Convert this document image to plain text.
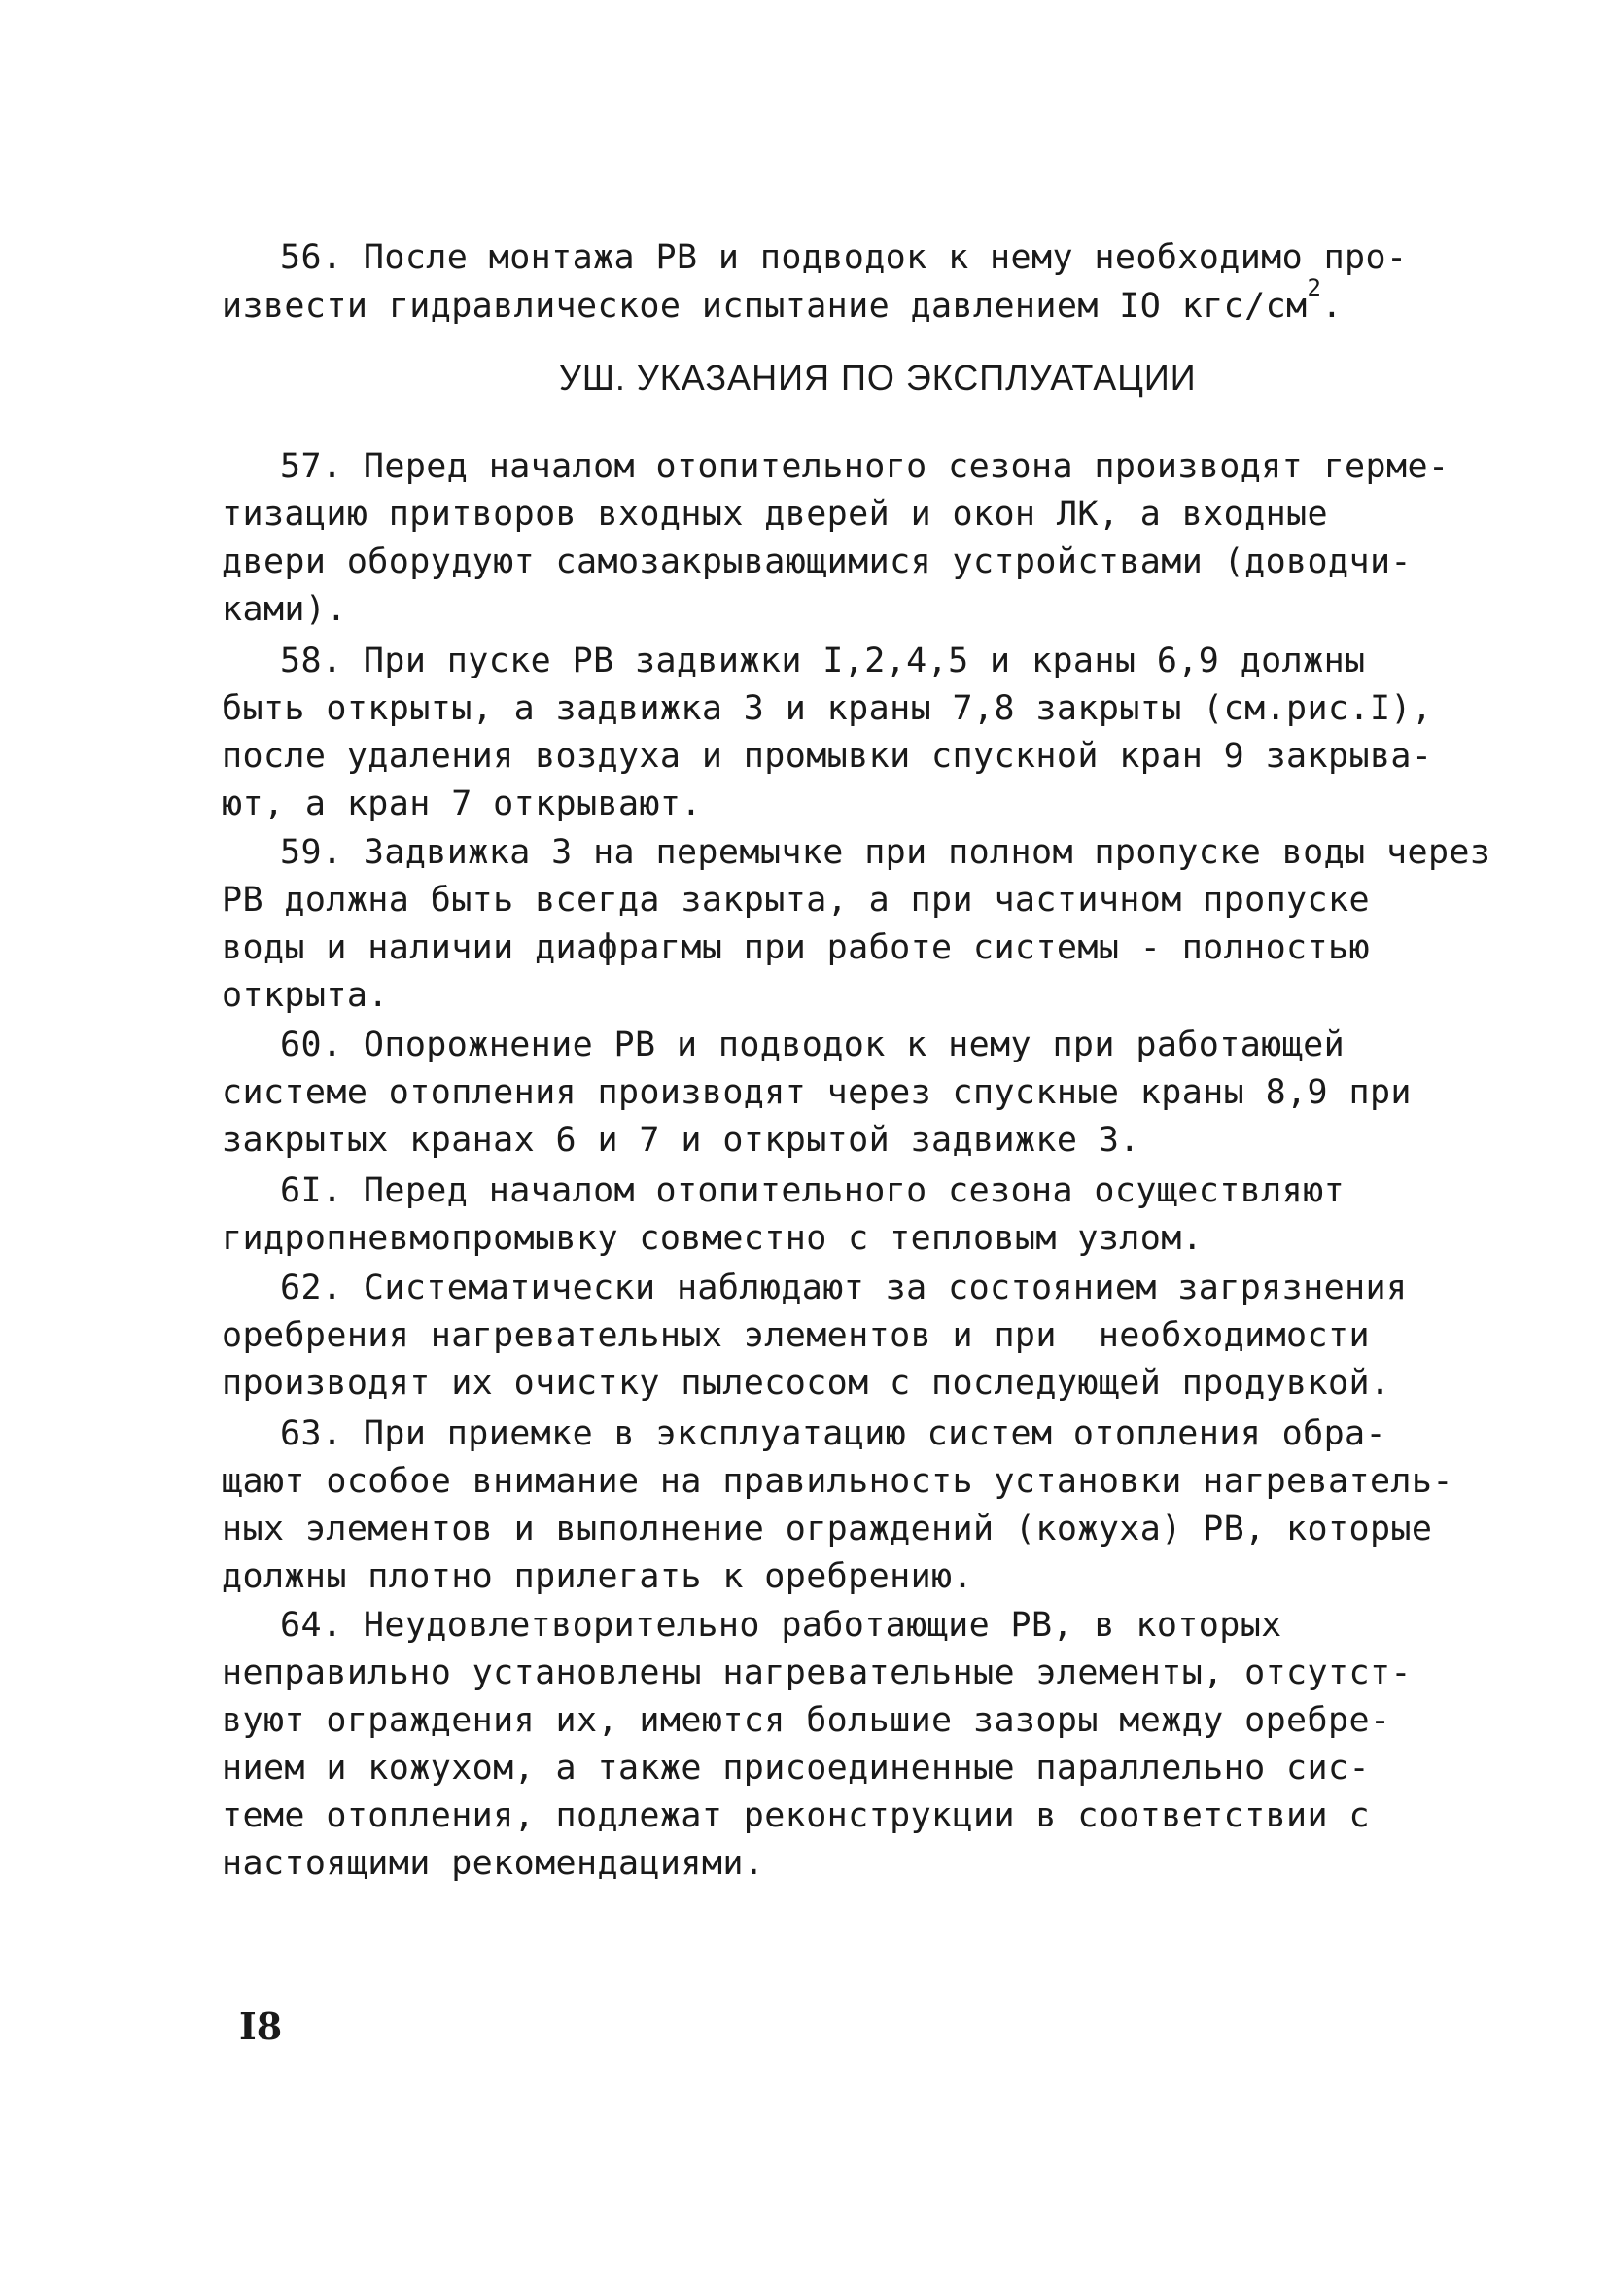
56. После монтажа РВ и подводок к нему необходимо про-
извести гидравлическое испытание давлением IO кгс/$см^2$.
УШ. УКАЗАНИЯ ПО ЭКСПЛУАТАЦИИ
57. Перед началом отопительного сезона производят герме-
тизацию притворов входных дверей и окон ЛК, а входные
двери оборудуют самозакрывающимися устройствами (доводчи-
ками).
58. При пуске РВ задвижки I,2,4,5 и краны 6,9 должны
быть открыты, а задвижка 3 и краны 7,8 закрыты (см.рис.I),
после удаления воздуха и промывки спускной кран 9 закрыва-
ют, а кран 7 открывают.
59. Задвижка 3 на перемычке при полном пропуске воды через
РВ должна быть всегда закрыта, а при частичном пропуске
воды и наличии диафрагмы при работе системы - полностью
открыта.
60. Опорожнение РВ и подводок к нему при работающей
системе отопления производят через спускные краны 8,9 при
закрытых кранах 6 и 7 и открытой задвижке 3.
6I. Перед началом отопительного сезона осуществляют
гидропневмопромывку совместно с тепловым узлом.
62. Систематически наблюдают за состоянием загрязнения
оребрения нагревательных элементов и при  необходимости
производят их очистку пылесосом с последующей продувкой.
63. При приемке в эксплуатацию систем отопления обра-
щают особое внимание на правильность установки нагреватель-
ных элементов и выполнение ограждений (кожуха) РВ, которые
должны плотно прилегать к оребрению.
64. Неудовлетворительно работающие РВ, в которых
неправильно установлены нагревательные элементы, отсутст-
вуют ограждения их, имеются большие зазоры между оребре-
нием и кожухом, а также присоединенные параллельно сис-
теме отопления, подлежат реконструкции в соответствии с
настоящими рекомендациями.
I8
